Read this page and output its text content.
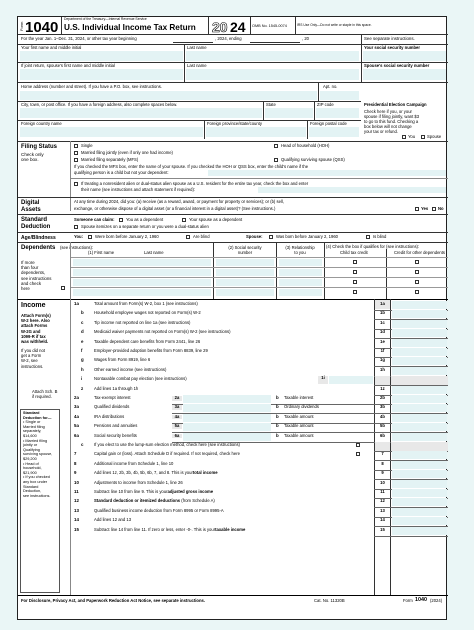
Form 1040 Department of the Treasury—Internal Revenue Service
U.S. Individual Income Tax Return 20 24 OMB No. 1545-0074	IRS Use Only—Do not write or staple in this space.
For the year Jan. 1–Dec. 31, 2024, or other tax year beginning	, 2024, ending	, 20	See separate instructions.
Your first name and middle initial	Last name	Your social security number
If joint return, spouse's first name and middle initial	Last name	Spouse's social security number
Home address (number and street). If you have a P.O. box, see instructions.	Apt. no.
City, town, or post office. If you have a foreign address, also complete spaces below.	State	ZIP code
Foreign country name	Foreign province/state/county	Foreign postal code
Presidential Election Campaign
Check here if you, or your
spouse if filing jointly, want $3
to go to this fund. Checking a
box below will not change
your tax or refund.
You	Spouse
Filing Status
Check only
one box.
Single	Head of household (HOH)
Married filing jointly (even if only one had income)
Married filing separately (MFS)	Qualifying surviving spouse (QSS)
If you checked the MFS box, enter the name of your spouse. If you checked the HOH or QSS box, enter the child's name if the
qualifying person is a child but not your dependent:
If treating a nonresident alien or dual-status alien spouse as a U.S. resident for the entire tax year, check the box and enter
their name (see instructions and attach statement if required):
Digital
Assets
At any time during 2024, did you: (a) receive (as a reward, award, or payment for property or services); or (b) sell,
exchange, or otherwise dispose of a digital asset (or a financial interest in a digital asset)? (See instructions.)	Yes No
Standard
Deduction
Someone can claim:	You as a dependent	Your spouse as a dependent
Spouse itemizes on a separate return or you were a dual-status alien
Age/Blindness	You:	Were born before January 2, 1960	Are blind	Spouse:	Was born before January 2, 1960	Is blind
Dependents (see instructions):
If more
than four
dependents,
see instructions
and check
here
(1) First name	Last name
(2) Social security
number
(3) Relationship
to you
(4) Check the box if qualifies for (see instructions):
Child tax credit	Credit for other dependents
Income
Attach Form(s)
W-2 here. Also
attach Forms
W-2G and
1099-R if tax
was withheld.
If you did not
get a Form
W-2, see
instructions.
Attach Sch. B
if required.
Standard
Deduction for—
• Single or
Married filing
separately,
$14,600
• Married filing
jointly or
Qualifying
surviving spouse,
$29,200
• Head of
household,
$21,900
• If you checked
any box under
Standard
Deduction,
see instructions.
1a	Total amount from Form(s) W-2, box 1 (see instructions)	1a
b Household employee wages not reported on Form(s) W-2	1b
c	Tip income not reported on line 1a (see instructions)	1c
d Medicaid waiver payments not reported on Form(s) W-2 (see instructions)	1d
e	Taxable dependent care benefits from Form 2441, line 26	1e
f	Employer-provided adoption benefits from Form 8839, line 29	1f
g Wages from Form 8919, line 6	1g
h Other earned income (see instructions)	1h
i	Nontaxable combat pay election (see instructions)	1i
z	Add lines 1a through 1h	1z
2a	Tax-exempt interest	2a	b Taxable interest	2b
3a	Qualified dividends	3a	b Ordinary dividends	3b
4a	IRA distributions	4a	b Taxable amount	4b
5a	Pensions and annuities	5a	b Taxable amount	5b
6a	Social security benefits	6a	b Taxable amount	6b
c	If you elect to use the lump-sum election method, check here (see instructions)
7	Capital gain or (loss). Attach Schedule D if required. If not required, check here	7
8	Additional income from Schedule 1, line 10	8
9	Add lines 1z, 2b, 3b, 4b, 5b, 6b, 7, and 8. This is yourtotal income	9
10	Adjustments to income from Schedule 1, line 26	10
11	Subtract line 10 from line 9. This is youradjusted gross income	11
12	Standard deduction or itemized deductions (from Schedule A)	12
13	Qualified business income deduction from Form 8995 or Form 8995-A	13
14	Add lines 12 and 13	14
15	Subtract line 14 from line 11. If zero or less, enter -0-. This is yourtaxable income	15
For Disclosure, Privacy Act, and Paperwork Reduction Act Notice, see separate instructions.	Cat. No. 11320B	Form 1040 (2024)
